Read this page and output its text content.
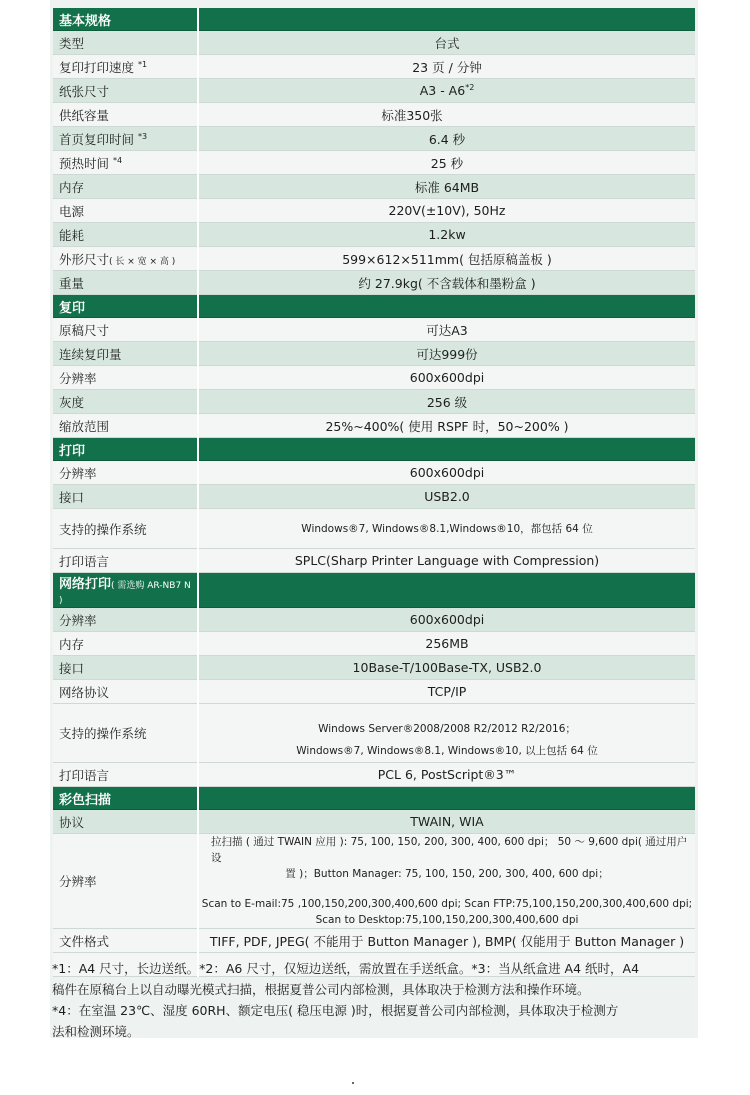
基本规格	
类型	台式
复印打印速度 $^{*1}$	23 页 / 分钟
纸张尺寸	A3 - A6$^{*2}$
供纸容量	标准350张
首页复印时间 $^{*3}$	6.4 秒
预热时间 $^{*4}$	25 秒
内存	标准 64MB
电源	220V(±10V), 50Hz
能耗	1.2kw
外形尺寸( 长 × 宽 × 高 )	599×612×511mm( 包括原稿盖板 )
重量	约 27.9kg( 不含载体和墨粉盒 )
复印	
原稿尺寸	可达A3
连续复印量	可达999份
分辨率	600x600dpi
灰度	256 级
缩放范围	25%~400%( 使用 RSPF 时，50~200% )
打印	
分辨率	600x600dpi
接口	USB2.0
支持的操作系统	Windows®7, Windows®8.1,Windows®10，都包括 64 位
打印语言	SPLC(Sharp Printer Language with Compression)
网络打印( 需选购 AR-NB7 N )	
分辨率	600x600dpi
内存	256MB
接口	10Base-T/100Base-TX, USB2.0
网络协议	TCP/IP
支持的操作系统	Windows Server®2008/2008 R2/2012 R2/2016；
Windows®7, Windows®8.1, Windows®10, 以上包括 64 位

打印语言	PCL 6, PostScript®3™
彩色扫描	
协议	TWAIN, WIA
分辨率	拉扫描 ( 通过 TWAIN 应用 ): 75, 100, 150, 200, 300, 400, 600 dpi； 50 ～ 9,600 dpi( 通过用户设
置 )；Button Manager: 75, 100, 150, 200, 300, 400, 600 dpi；
Scan to E-mail:75 ,100,150,200,300,400,600 dpi; Scan FTP:75,100,150,200,300,400,600 dpi;
Scan to Desktop:75,100,150,200,300,400,600 dpi

文件格式	TIFF, PDF, JPEG( 不能用于 Button Manager ), BMP( 仅能用于 Button Manager )

*1：A4 尺寸，长边送纸。*2：A6 尺寸，仅短边送纸，需放置在手送纸盒。*3：当从纸盒进 A4 纸时，A4
稿件在原稿台上以自动曝光模式扫描，根据夏普公司内部检测，具体取决于检测方法和操作环境。
*4：在室温 23℃、湿度 60RH、额定电压( 稳压电源 )时，根据夏普公司内部检测，具体取决于检测方
法和检测环境。
